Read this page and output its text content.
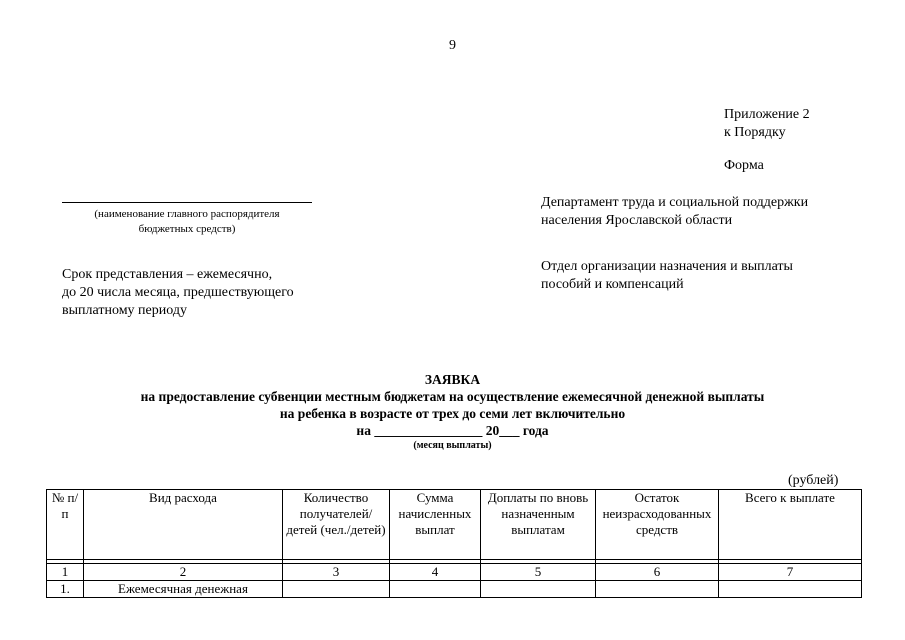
9
Приложение 2
к Порядку
Форма
(наименование главного распорядителя
бюджетных средств)
Департамент труда и социальной поддержки
населения Ярославской области
Срок представления – ежемесячно,
до 20 числа месяца, предшествующего
выплатному периоду
Отдел организации назначения и выплаты
пособий и компенсаций
ЗАЯВКА
на предоставление субвенции местным бюджетам на осуществление ежемесячной денежной выплаты
на ребенка в возрасте от трех до семи лет включительно
на ________________ 20___ года
(месяц выплаты)
(рублей)
№ п/п	Вид расхода	Количество получателей/детей (чел./детей)	Сумма начисленных выплат	Доплаты по вновь назначенным выплатам	Остаток неизрасходованных средств	Всего к выплате

1	2	3	4	5	6	7
1.	Ежемесячная денежная					
